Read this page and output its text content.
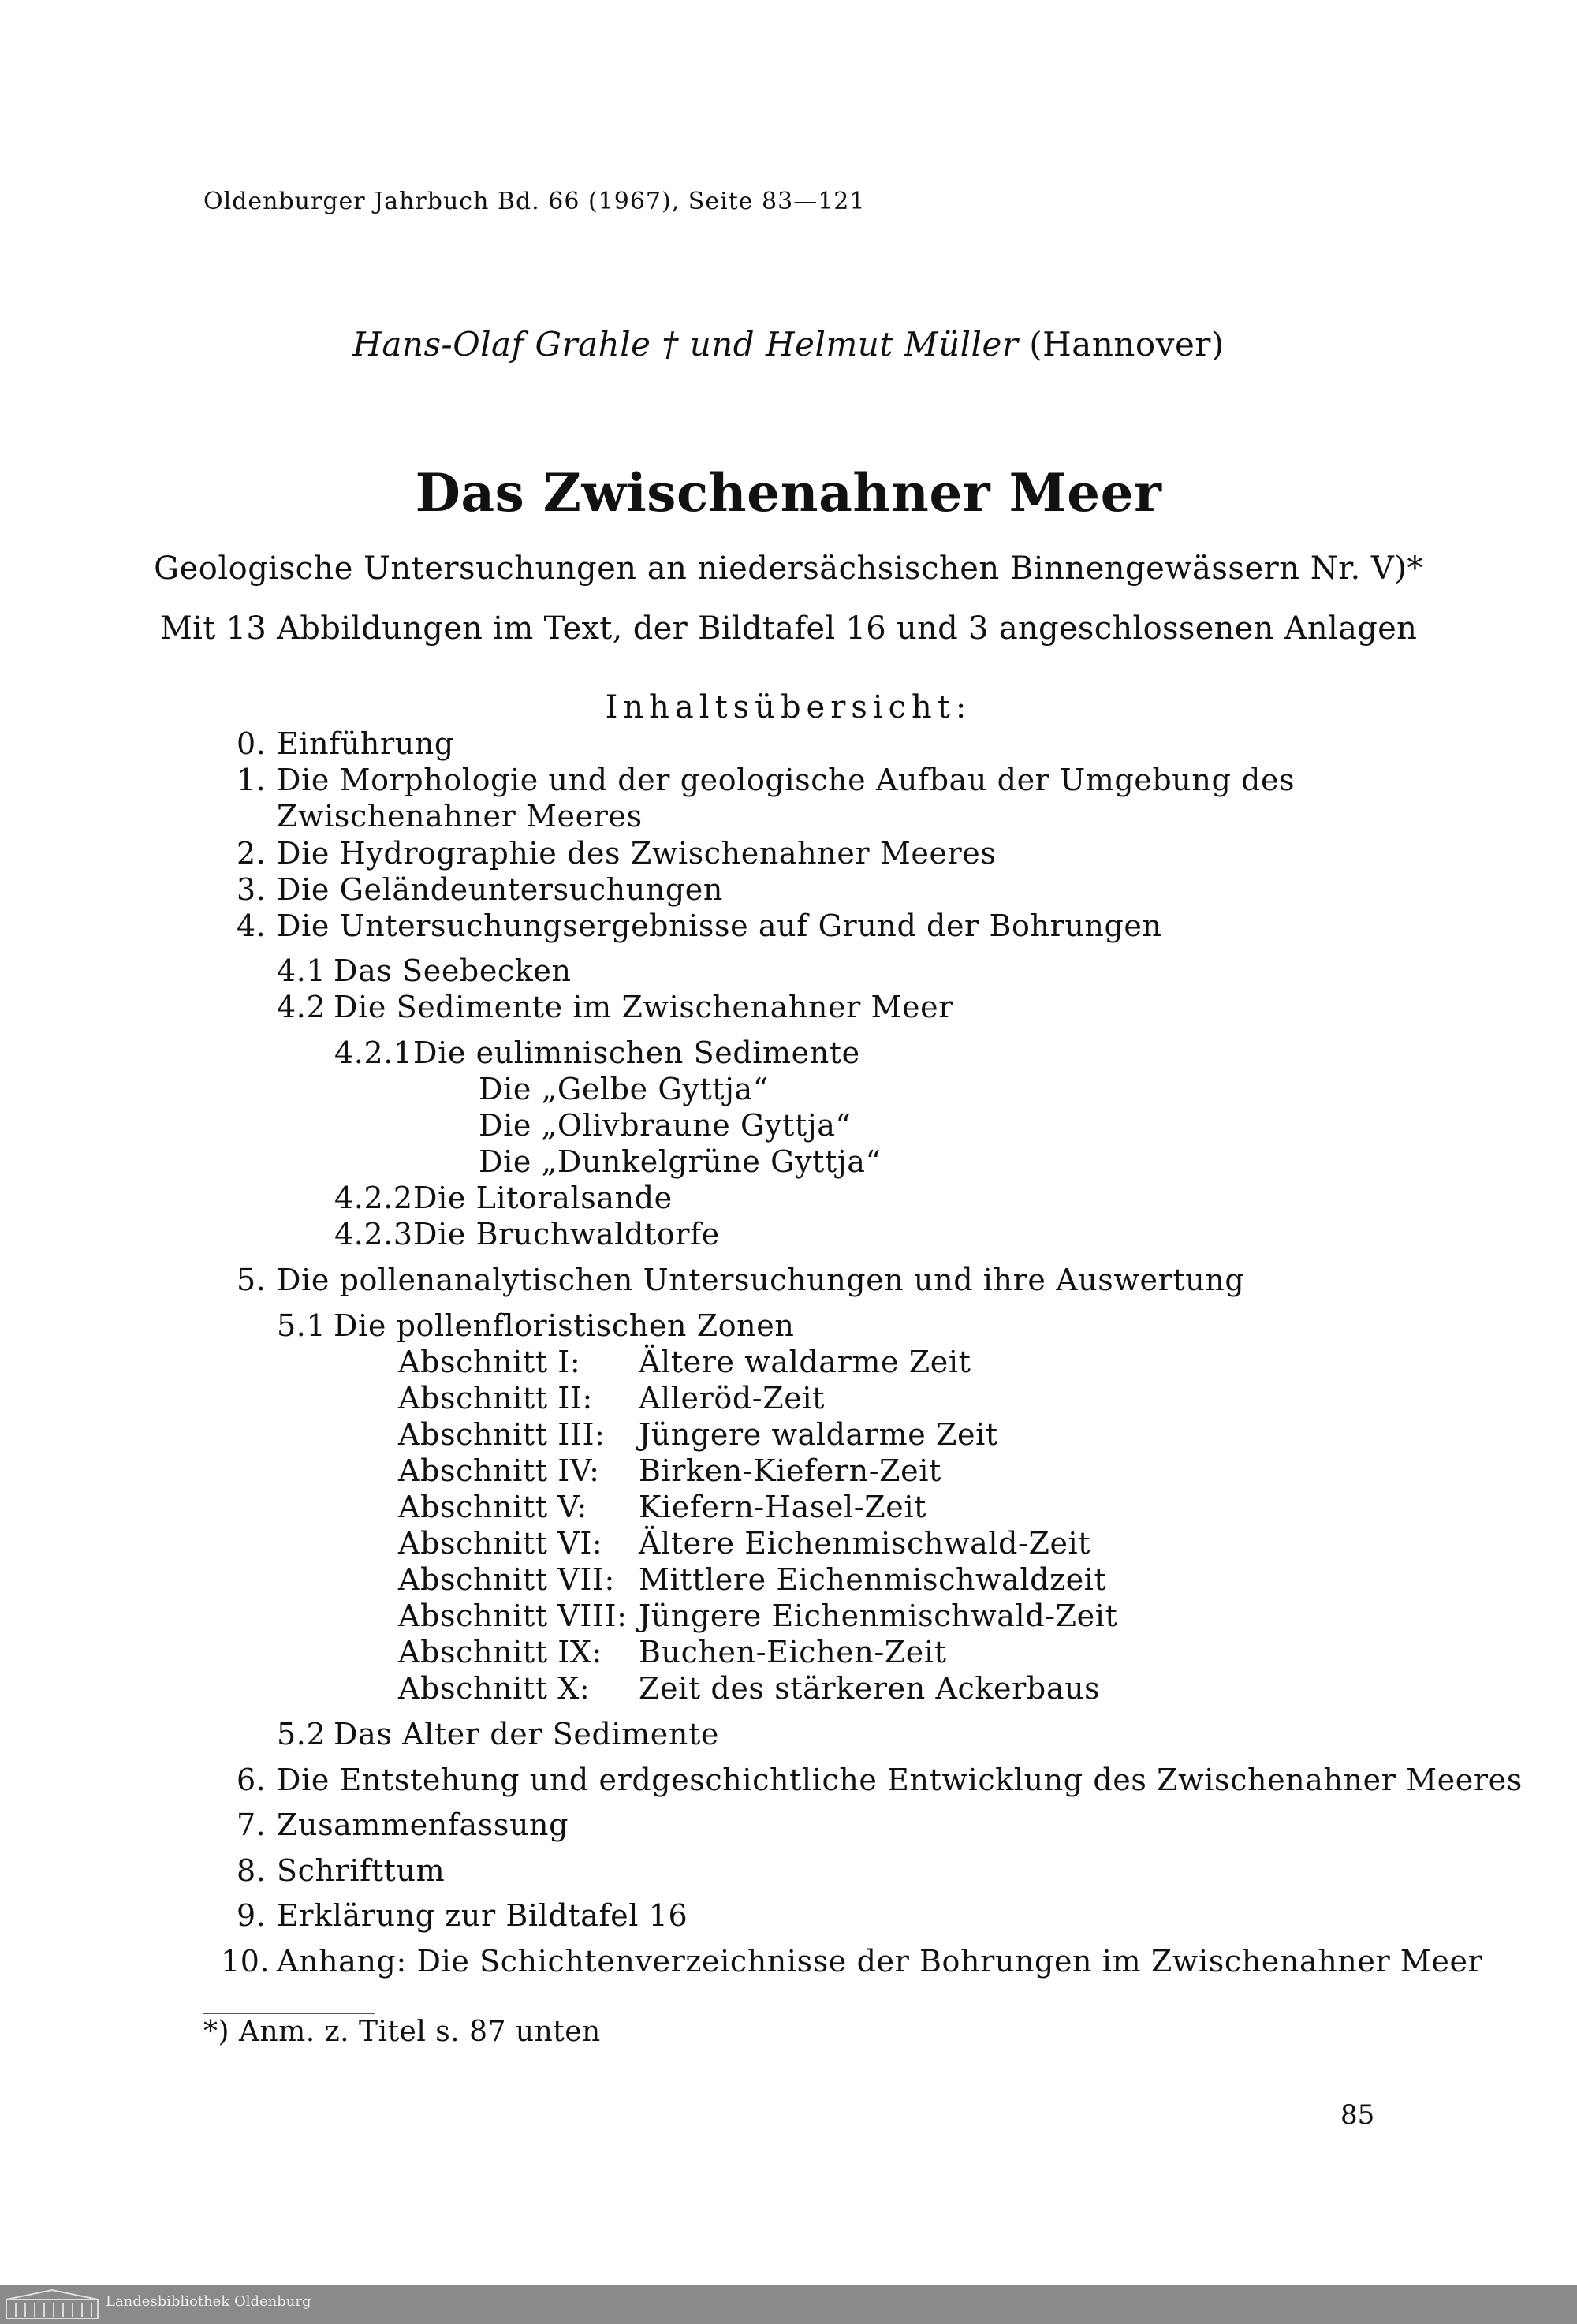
Oldenburger Jahrbuch Bd. 66 (1967), Seite 83—121
Hans-Olaf Grahle † und Helmut Müller (Hannover)
Das Zwischenahner Meer
Geologische Untersuchungen an niedersächsischen Binnengewässern Nr. V)*
Mit 13 Abbildungen im Text, der Bildtafel 16 und 3 angeschlossenen Anlagen
Inhaltsübersicht:
0. Einführung
1. Die Morphologie und der geologische Aufbau der Umgebung des
Zwischenahner Meeres
2. Die Hydrographie des Zwischenahner Meeres
3. Die Geländeuntersuchungen
4. Die Untersuchungsergebnisse auf Grund der Bohrungen
4.1 Das Seebecken
4.2 Die Sedimente im Zwischenahner Meer
4.2.1 Die eulimnischen Sedimente
Die „Gelbe Gyttja“
Die „Olivbraune Gyttja“
Die „Dunkelgrüne Gyttja“
4.2.2 Die Litoralsande
4.2.3 Die Bruchwaldtorfe
5. Die pollenanalytischen Untersuchungen und ihre Auswertung
5.1 Die pollenfloristischen Zonen
Abschnitt I: Ältere waldarme Zeit
Abschnitt II: Alleröd-Zeit
Abschnitt III: Jüngere waldarme Zeit
Abschnitt IV: Birken-Kiefern-Zeit
Abschnitt V: Kiefern-Hasel-Zeit
Abschnitt VI: Ältere Eichenmischwald-Zeit
Abschnitt VII: Mittlere Eichenmischwaldzeit
Abschnitt VIII: Jüngere Eichenmischwald-Zeit
Abschnitt IX: Buchen-Eichen-Zeit
Abschnitt X: Zeit des stärkeren Ackerbaus
5.2 Das Alter der Sedimente
6. Die Entstehung und erdgeschichtliche Entwicklung des Zwischenahner Meeres
7. Zusammenfassung
8. Schrifttum
9. Erklärung zur Bildtafel 16
10. Anhang: Die Schichtenverzeichnisse der Bohrungen im Zwischenahner Meer
*) Anm. z. Titel s. 87 unten
85
Landesbibliothek Oldenburg
